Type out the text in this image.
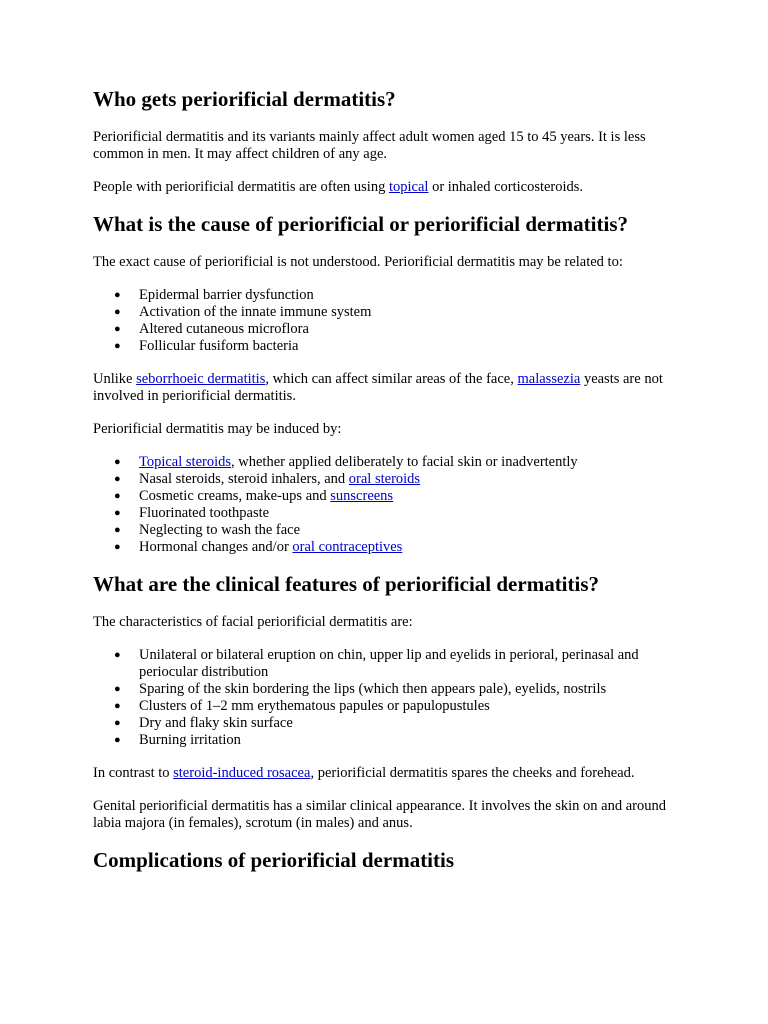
Who gets periorificial dermatitis?

Periorificial dermatitis and its variants mainly affect adult women aged 15 to 45 years. It is less common in men. It may affect children of any age.

People with periorificial dermatitis are often using topical or inhaled corticosteroids.

What is the cause of periorificial or periorificial dermatitis?

The exact cause of periorificial is not understood. Periorificial dermatitis may be related to:

● Epidermal barrier dysfunction
● Activation of the innate immune system
● Altered cutaneous microflora
● Follicular fusiform bacteria

Unlike seborrhoeic dermatitis, which can affect similar areas of the face, malassezia yeasts are not involved in periorificial dermatitis.

Periorificial dermatitis may be induced by:

● Topical steroids, whether applied deliberately to facial skin or inadvertently
● Nasal steroids, steroid inhalers, and oral steroids
● Cosmetic creams, make-ups and sunscreens
● Fluorinated toothpaste
● Neglecting to wash the face
● Hormonal changes and/or oral contraceptives
What are the clinical features of periorificial dermatitis?

The characteristics of facial periorificial dermatitis are:

● Unilateral or bilateral eruption on chin, upper lip and eyelids in perioral, perinasal and periocular distribution
● Sparing of the skin bordering the lips (which then appears pale), eyelids, nostrils
● Clusters of 1–2 mm erythematous papules or papulopustules
● Dry and flaky skin surface
● Burning irritation

In contrast to steroid-induced rosacea, periorificial dermatitis spares the cheeks and forehead.

Genital periorificial dermatitis has a similar clinical appearance. It involves the skin on and around labia majora (in females), scrotum (in males) and anus.

Complications of periorificial dermatitis
